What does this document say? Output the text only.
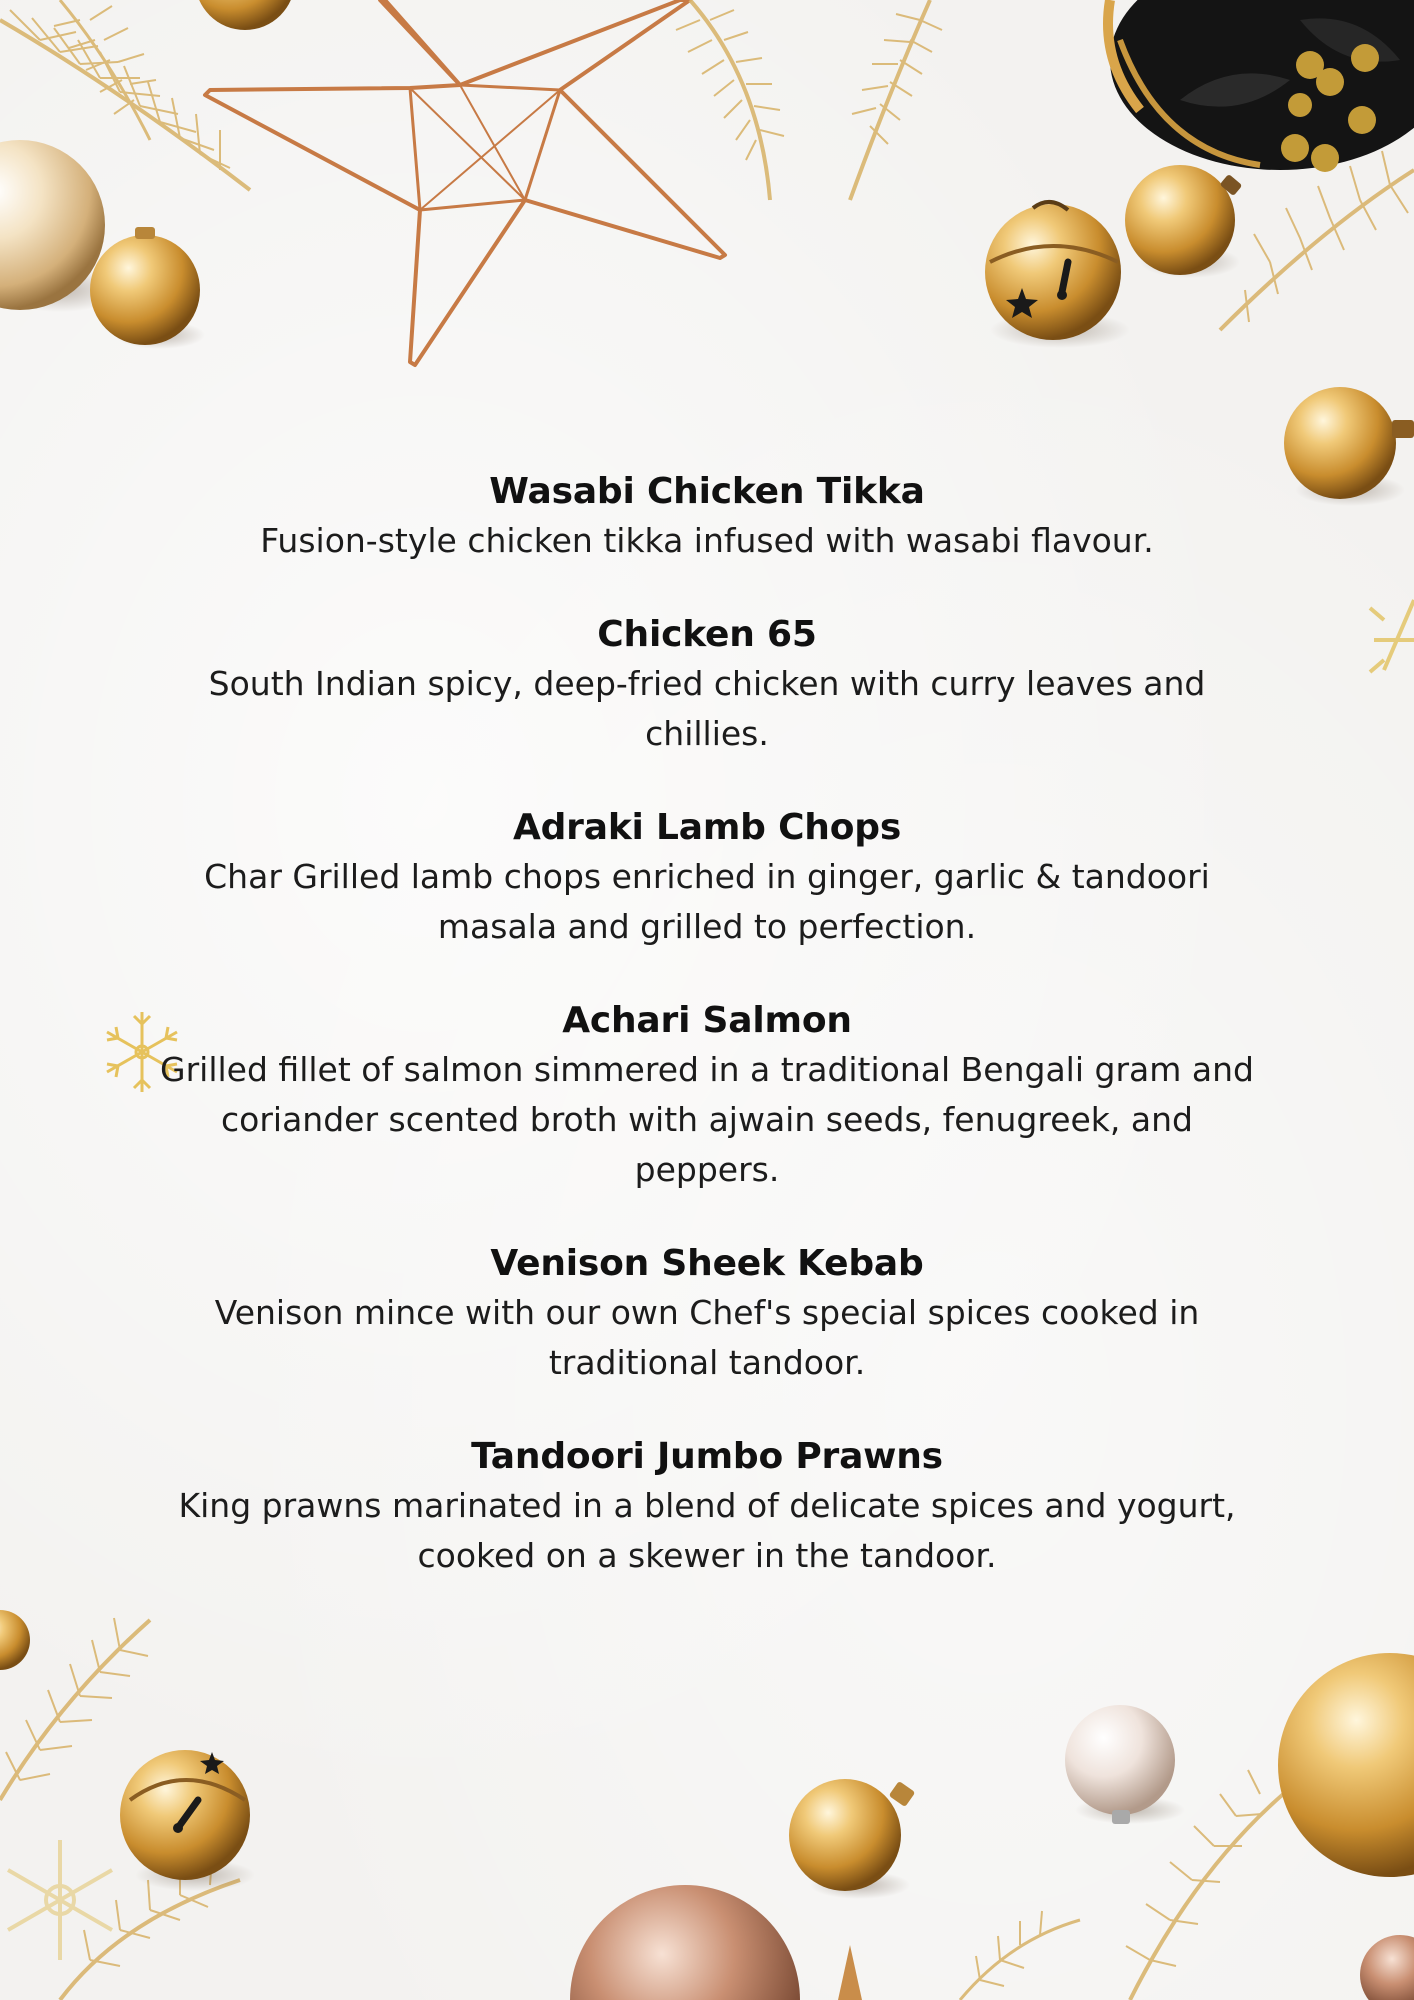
Wasabi Chicken Tikka
Fusion-style chicken tikka infused with wasabi flavour.
Chicken 65
South Indian spicy, deep-fried chicken with curry leaves and chillies.
Adraki Lamb Chops
Char Grilled lamb chops enriched in ginger, garlic & tandoori masala and grilled to perfection.
Achari Salmon
Grilled fillet of salmon simmered in a traditional Bengali gram and coriander scented broth with ajwain seeds, fenugreek, and peppers.
Venison Sheek Kebab
Venison mince with our own Chef's special spices cooked in traditional tandoor.
Tandoori Jumbo Prawns
King prawns marinated in a blend of delicate spices and yogurt, cooked on a skewer in the tandoor.
